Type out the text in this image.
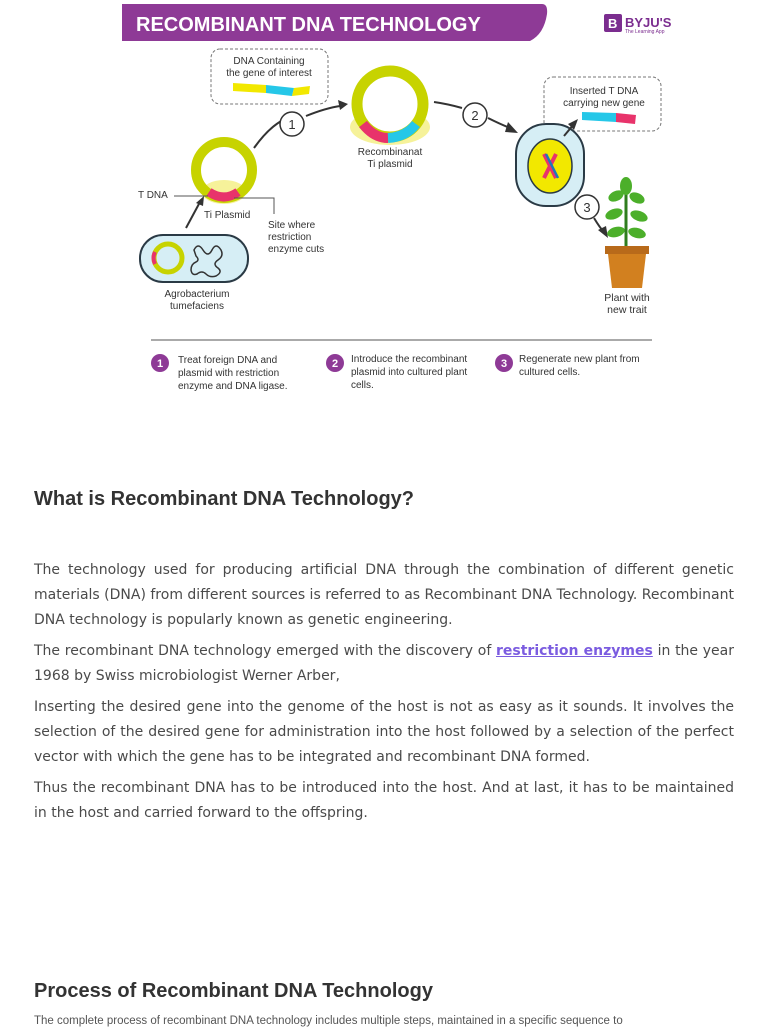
RECOMBINANT DNA TECHNOLOGY	B BYJU'S
The Learning App
DNA Containing
the gene of interest
T DNA
Ti Plasmid
Site where
restriction
enzyme cuts
Agrobacterium
tumefaciens
1
Recombinanat
Ti plasmid
2
Inserted T DNA
carrying new gene
3
Plant with
new trait
1 Treat foreign DNA and
plasmid with restriction
enzyme and DNA ligase.
2 Introduce the recombinant
plasmid into cultured plant
cells.
3 Regenerate new plant from
cultured cells.
What is Recombinant DNA Technology?

The technology used for producing artificial DNA through the combination of different genetic materials (DNA) from different sources is referred to as Recombinant DNA Technology. Recombinant DNA technology is popularly known as genetic engineering.

The recombinant DNA technology emerged with the discovery of restriction enzymes in the year 1968 by Swiss microbiologist Werner Arber,

Inserting the desired gene into the genome of the host is not as easy as it sounds. It involves the selection of the desired gene for administration into the host followed by a selection of the perfect vector with which the gene has to be integrated and recombinant DNA formed.

Thus the recombinant DNA has to be introduced into the host. And at last, it has to be maintained in the host and carried forward to the offspring.

Process of Recombinant DNA Technology
The complete process of recombinant DNA technology includes multiple steps, maintained in a specific sequence to
